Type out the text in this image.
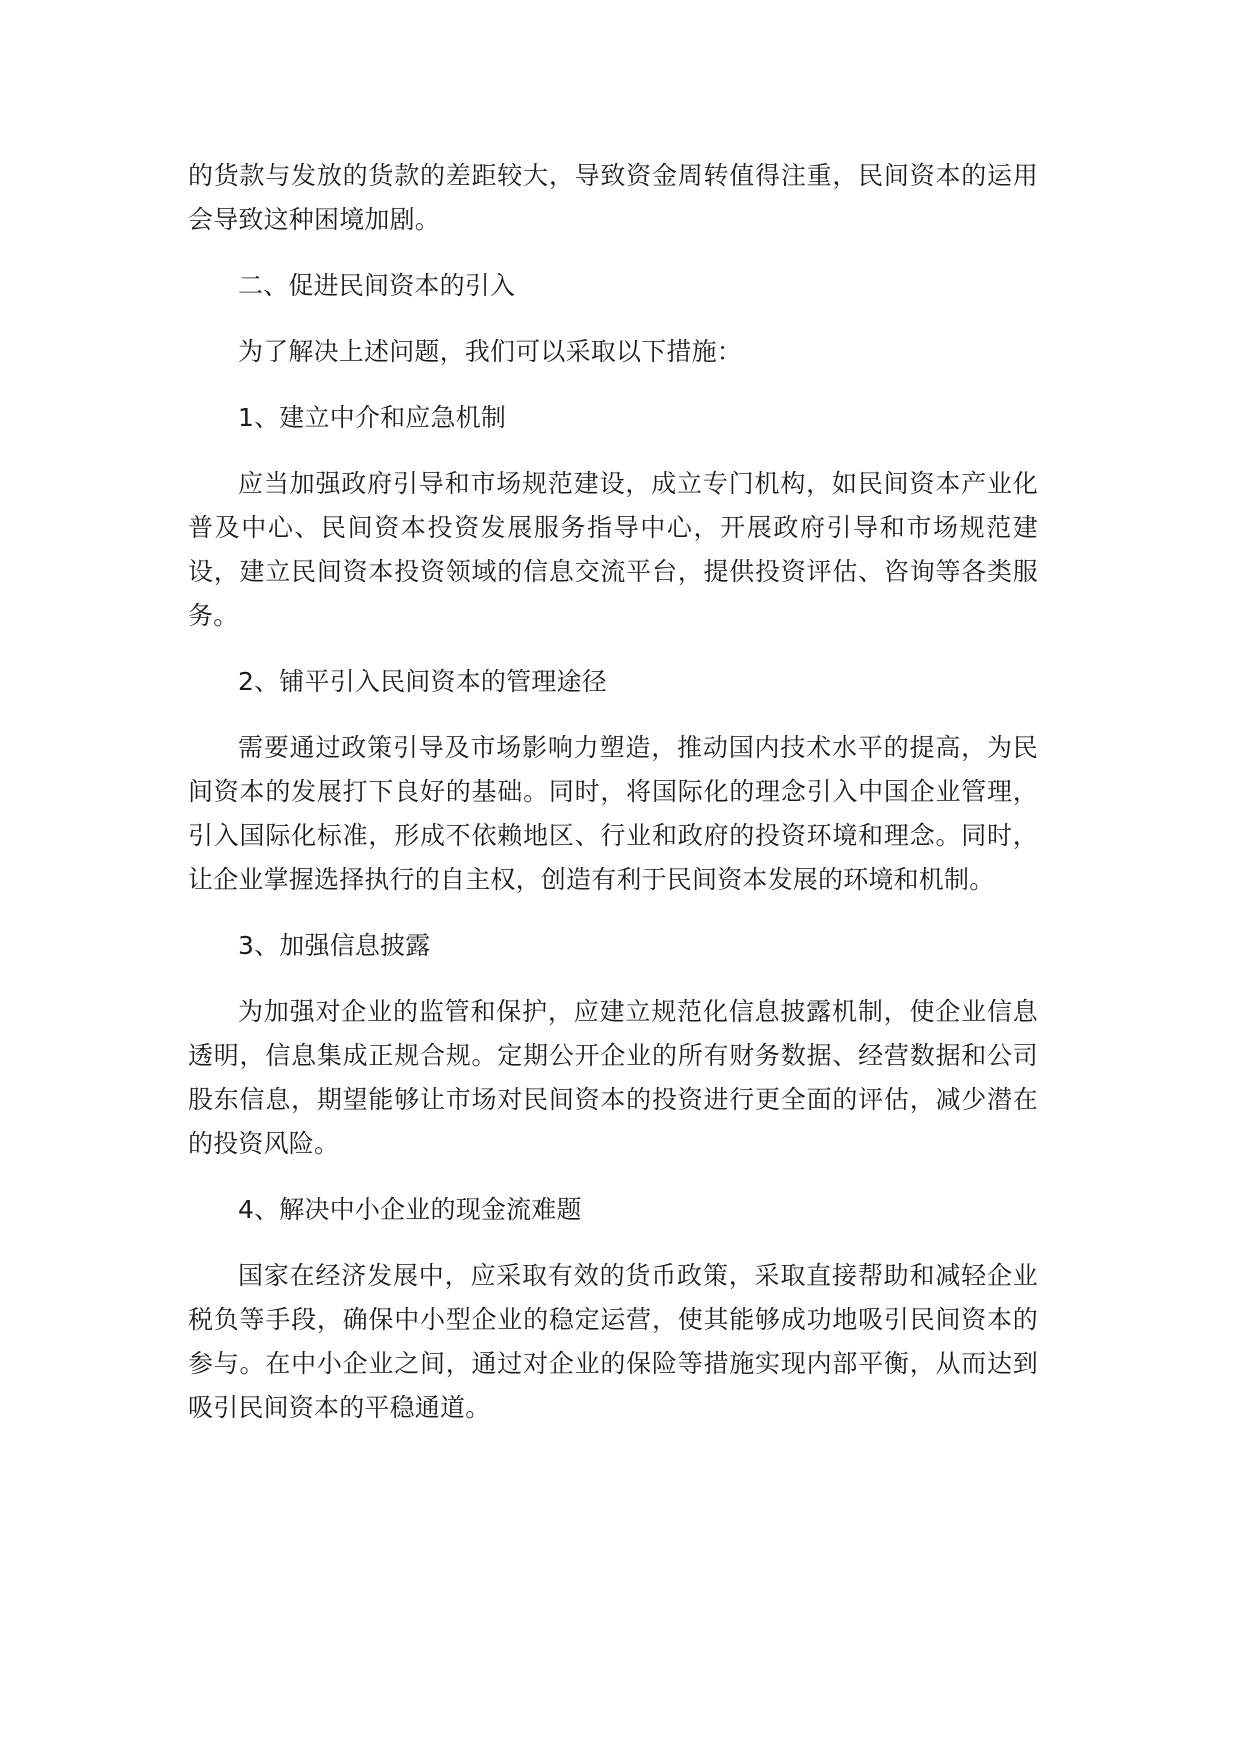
的货款与发放的货款的差距较大，导致资金周转值得注重，民间资本的运用会导致这种困境加剧。

二、促进民间资本的引入

为了解决上述问题，我们可以采取以下措施：

1、建立中介和应急机制

应当加强政府引导和市场规范建设，成立专门机构，如民间资本产业化普及中心、民间资本投资发展服务指导中心，开展政府引导和市场规范建设，建立民间资本投资领域的信息交流平台，提供投资评估、咨询等各类服务。

2、铺平引入民间资本的管理途径

需要通过政策引导及市场影响力塑造，推动国内技术水平的提高，为民间资本的发展打下良好的基础。同时，将国际化的理念引入中国企业管理，引入国际化标准，形成不依赖地区、行业和政府的投资环境和理念。同时，让企业掌握选择执行的自主权，创造有利于民间资本发展的环境和机制。

3、加强信息披露

为加强对企业的监管和保护，应建立规范化信息披露机制，使企业信息透明，信息集成正规合规。定期公开企业的所有财务数据、经营数据和公司股东信息，期望能够让市场对民间资本的投资进行更全面的评估，减少潜在的投资风险。

4、解决中小企业的现金流难题

国家在经济发展中，应采取有效的货币政策，采取直接帮助和减轻企业税负等手段，确保中小型企业的稳定运营，使其能够成功地吸引民间资本的参与。在中小企业之间，通过对企业的保险等措施实现内部平衡，从而达到吸引民间资本的平稳通道。
